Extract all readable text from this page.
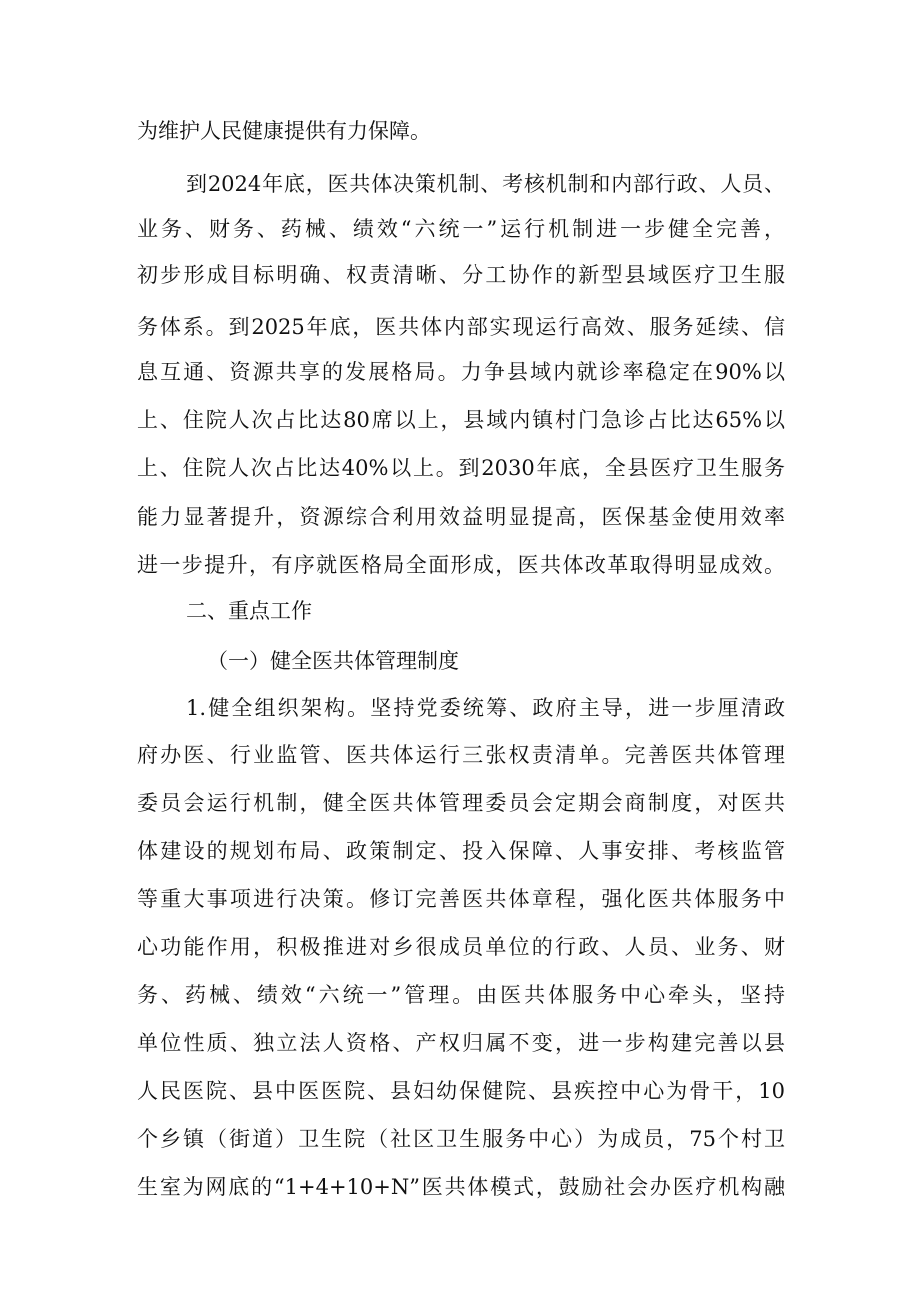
为维护人民健康提供有力保障。
到2024年底，医共体决策机制、考核机制和内部行政、人员、
业务、财务、药械、绩效“六统一”运行机制进一步健全完善，
初步形成目标明确、权责清晰、分工协作的新型县域医疗卫生服
务体系。到2025年底，医共体内部实现运行高效、服务延续、信
息互通、资源共享的发展格局。力争县域内就诊率稳定在90%以
上、住院人次占比达80席以上，县域内镇村门急诊占比达65%以
上、住院人次占比达40%以上。到2030年底，全县医疗卫生服务
能力显著提升，资源综合利用效益明显提高，医保基金使用效率
进一步提升，有序就医格局全面形成，医共体改革取得明显成效。
二、重点工作
（一）健全医共体管理制度
1.健全组织架构。坚持党委统筹、政府主导，进一步厘清政
府办医、行业监管、医共体运行三张权责清单。完善医共体管理
委员会运行机制，健全医共体管理委员会定期会商制度，对医共
体建设的规划布局、政策制定、投入保障、人事安排、考核监管
等重大事项进行决策。修订完善医共体章程，强化医共体服务中
心功能作用，积极推进对乡很成员单位的行政、人员、业务、财
务、药械、绩效“六统一”管理。由医共体服务中心牵头，坚持
单位性质、独立法人资格、产权归属不变，进一步构建完善以县
人民医院、县中医医院、县妇幼保健院、县疾控中心为骨干，10
个乡镇（街道）卫生院（社区卫生服务中心）为成员，75个村卫
生室为网底的“1+4+10+N”医共体模式，鼓励社会办医疗机构融
